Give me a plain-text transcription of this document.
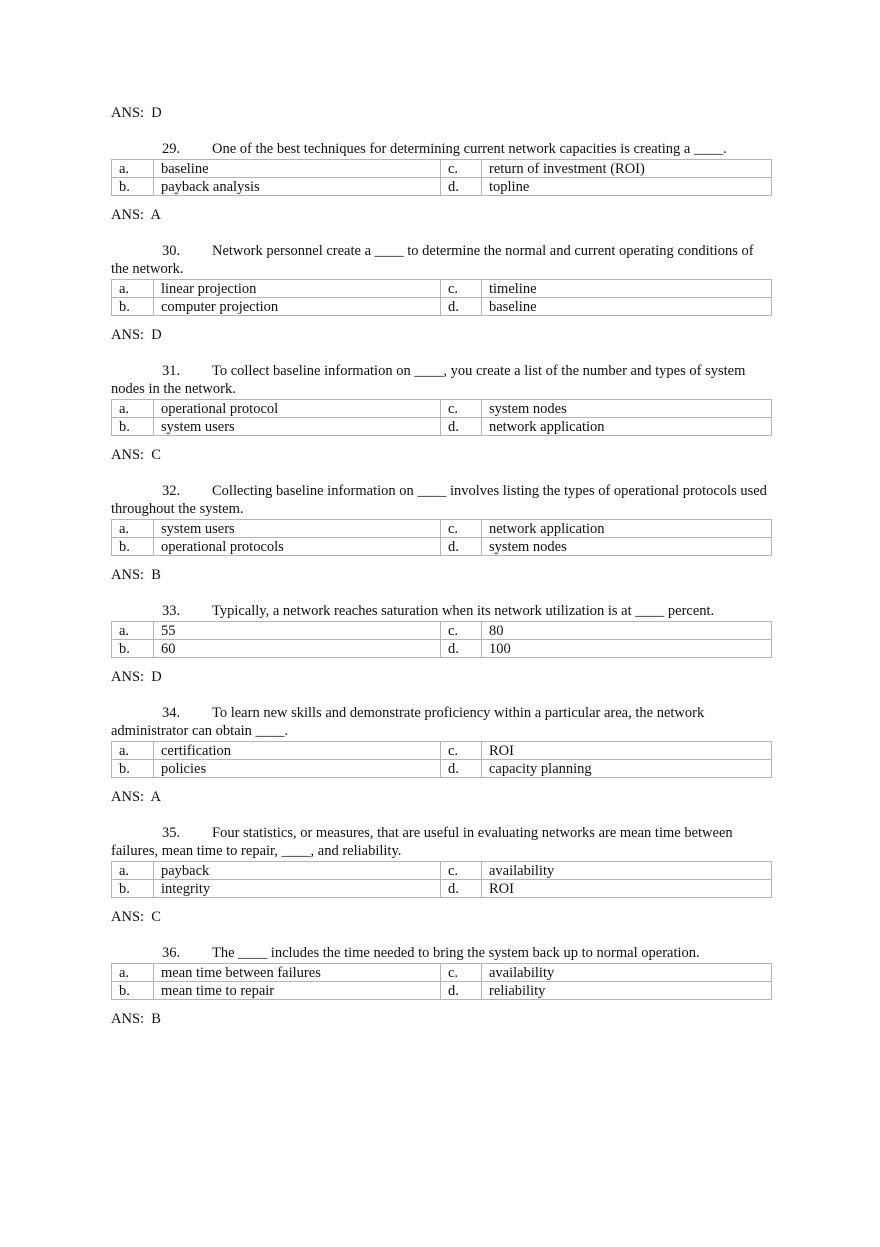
ANS: D
29. One of the best techniques for determining current network capacities is creating a ____.
a.	baseline	c.	return of investment (ROI)
b.	payback analysis	d.	topline
ANS: A
30. Network personnel create a ____ to determine the normal and current operating conditions of the network.
a.	linear projection	c.	timeline
b.	computer projection	d.	baseline
ANS: D
31. To collect baseline information on ____, you create a list of the number and types of system nodes in the network.
a.	operational protocol	c.	system nodes
b.	system users	d.	network application
ANS: C
32. Collecting baseline information on ____ involves listing the types of operational protocols used throughout the system.
a.	system users	c.	network application
b.	operational protocols	d.	system nodes
ANS: B
33. Typically, a network reaches saturation when its network utilization is at ____ percent.
a.	55	c.	80
b.	60	d.	100
ANS: D
34. To learn new skills and demonstrate proficiency within a particular area, the network administrator can obtain ____.
a.	certification	c.	ROI
b.	policies	d.	capacity planning
ANS: A
35. Four statistics, or measures, that are useful in evaluating networks are mean time between failures, mean time to repair, ____, and reliability.
a.	payback	c.	availability
b.	integrity	d.	ROI
ANS: C
36. The ____ includes the time needed to bring the system back up to normal operation.
a.	mean time between failures	c.	availability
b.	mean time to repair	d.	reliability
ANS: B
